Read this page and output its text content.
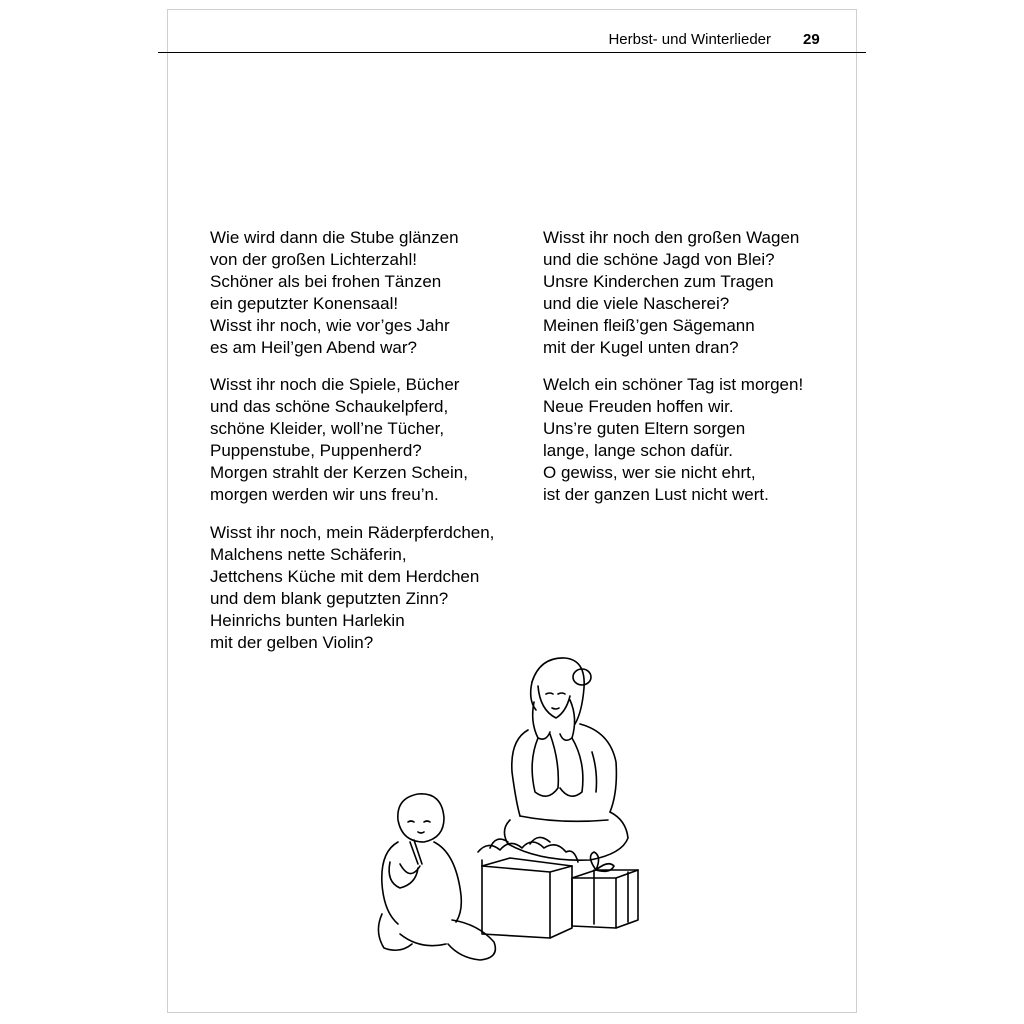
Herbst- und Winterlieder 29
Wie wird dann die Stube glänzen
von der großen Lichterzahl!
Schöner als bei frohen Tänzen
ein geputzter Konensaal!
Wisst ihr noch, wie vor’ges Jahr
es am Heil’gen Abend war?
Wisst ihr noch die Spiele, Bücher
und das schöne Schaukelpferd,
schöne Kleider, woll’ne Tücher,
Puppenstube, Puppenherd?
Morgen strahlt der Kerzen Schein,
morgen werden wir uns freu’n.
Wisst ihr noch, mein Räderpferdchen,
Malchens nette Schäferin,
Jettchens Küche mit dem Herdchen
und dem blank geputzten Zinn?
Heinrichs bunten Harlekin
mit der gelben Violin?
Wisst ihr noch den großen Wagen
und die schöne Jagd von Blei?
Unsre Kinderchen zum Tragen
und die viele Nascherei?
Meinen fleiß’gen Sägemann
mit der Kugel unten dran?
Welch ein schöner Tag ist morgen!
Neue Freuden hoffen wir.
Uns’re guten Eltern sorgen
lange, lange schon dafür.
O gewiss, wer sie nicht ehrt,
ist der ganzen Lust nicht wert.
